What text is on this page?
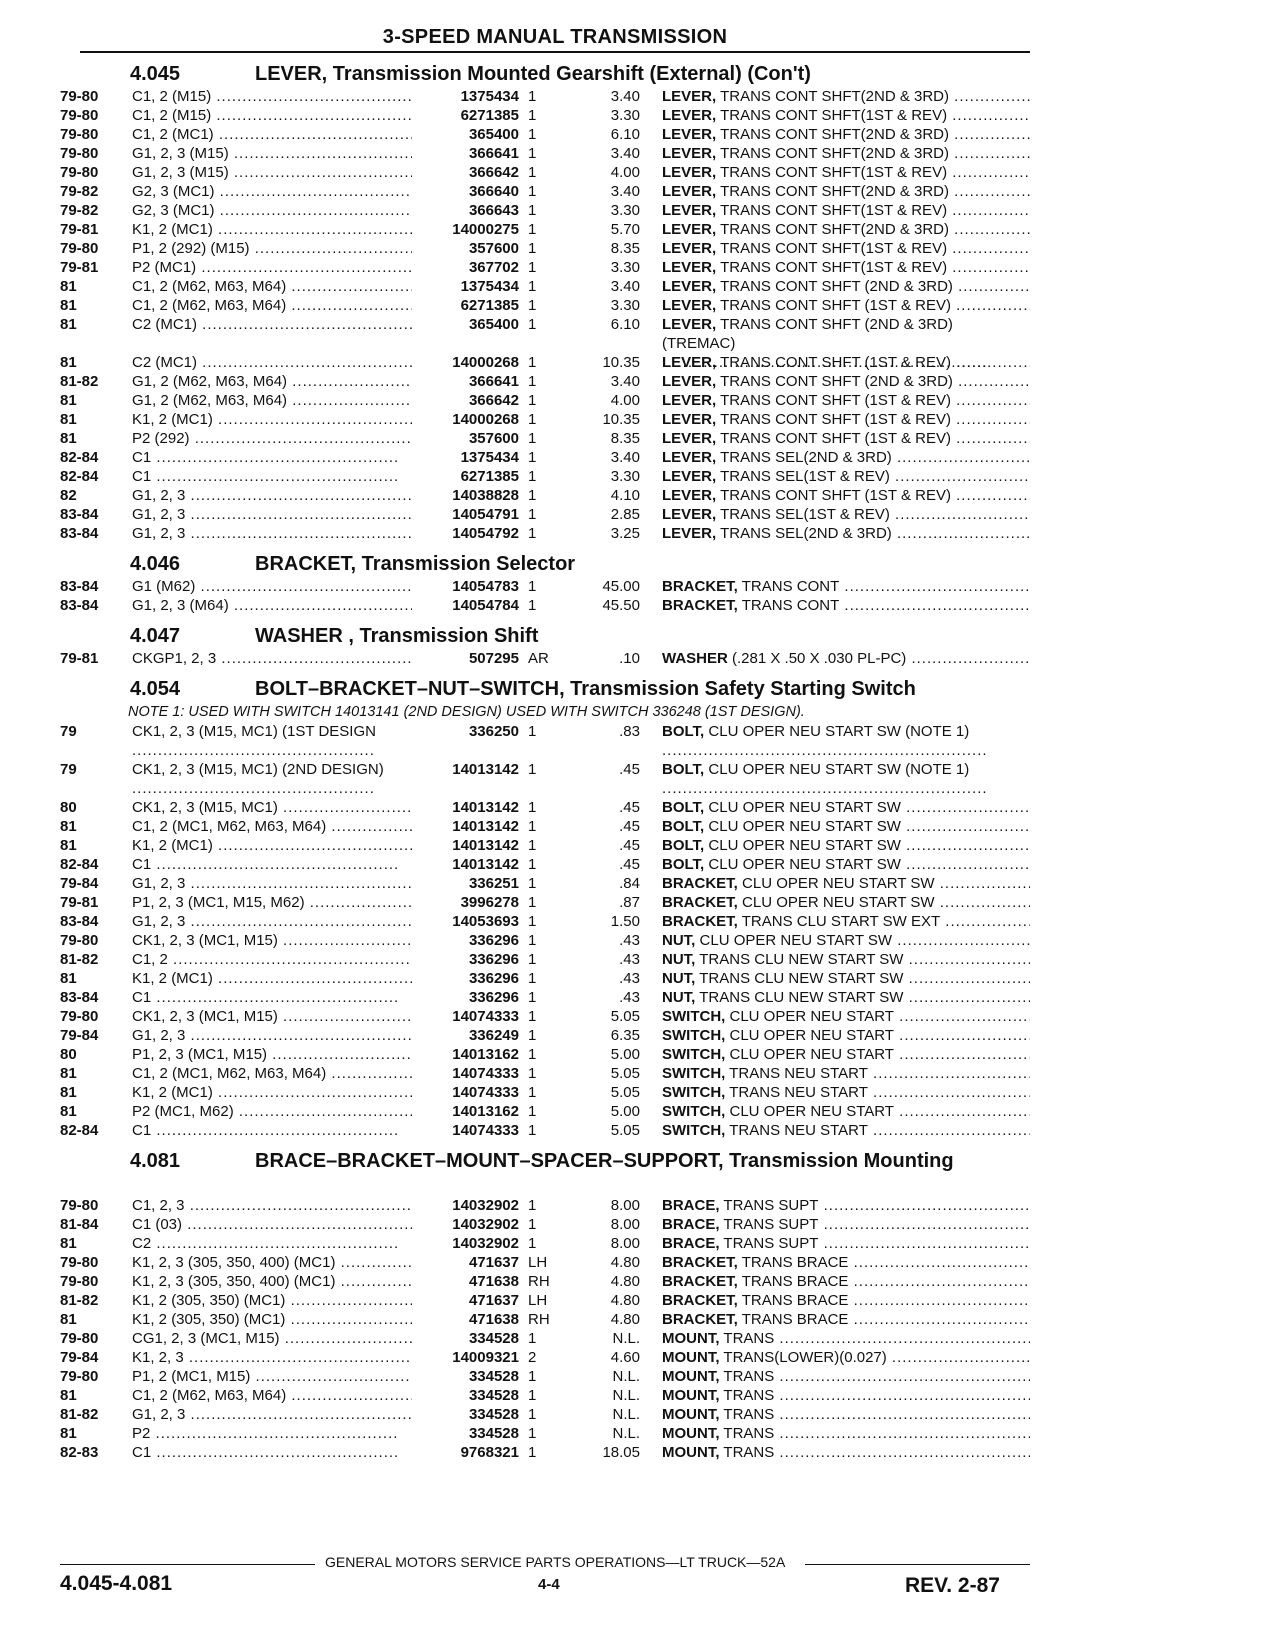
3-SPEED MANUAL TRANSMISSION
4.045	LEVER, Transmission Mounted Gearshift (External) (Con't)
79-80	C1, 2 (M15) .....	1375434 1	3.40 LEVER, TRANS CONT SHFT(2ND & 3RD) .....
79-80	C1, 2 (M15) .....	6271385 1	3.30 LEVER, TRANS CONT SHFT(1ST & REV) .....
79-80	C1, 2 (MC1) .....	365400 1	6.10 LEVER, TRANS CONT SHFT(2ND & 3RD) .....
79-80	G1, 2, 3 (M15) .....	366641 1	3.40 LEVER, TRANS CONT SHFT(2ND & 3RD) .....
79-80	G1, 2, 3 (M15) .....	366642 1	4.00 LEVER, TRANS CONT SHFT(1ST & REV) .....
79-82	G2, 3 (MC1) .....	366640 1	3.40 LEVER, TRANS CONT SHFT(2ND & 3RD) .....
79-82	G2, 3 (MC1) .....	366643 1	3.30 LEVER, TRANS CONT SHFT(1ST & REV) .....
79-81	K1, 2 (MC1) .....	14000275 1	5.70 LEVER, TRANS CONT SHFT(2ND & 3RD) .....
79-80	P1, 2 (292) (M15) .....	357600 1	8.35 LEVER, TRANS CONT SHFT(1ST & REV) .....
79-81	P2 (MC1) .....	367702 1	3.30 LEVER, TRANS CONT SHFT(1ST & REV) .....
81	C1, 2 (M62, M63, M64) .....	1375434 1	3.40 LEVER, TRANS CONT SHFT (2ND & 3RD) .....
81	C1, 2 (M62, M63, M64) .....	6271385 1	3.30 LEVER, TRANS CONT SHFT (1ST & REV) .....
81	C2 (MC1) .....	365400 1	6.10 LEVER, TRANS CONT SHFT (2ND & 3RD) (TREMAC) .....
81	C2 (MC1) .....	14000268 1	10.35 LEVER, TRANS CONT SHFT (1ST & REV) .....
81-82	G1, 2 (M62, M63, M64) .....	366641 1	3.40 LEVER, TRANS CONT SHFT (2ND & 3RD) .....
81	G1, 2 (M62, M63, M64) .....	366642 1	4.00 LEVER, TRANS CONT SHFT (1ST & REV) .....
81	K1, 2 (MC1) .....	14000268 1	10.35 LEVER, TRANS CONT SHFT (1ST & REV) .....
81	P2 (292) .....	357600 1	8.35 LEVER, TRANS CONT SHFT (1ST & REV) .....
82-84	C1 .....	1375434 1	3.40 LEVER, TRANS SEL(2ND & 3RD) .....
82-84	C1 .....	6271385 1	3.30 LEVER, TRANS SEL(1ST & REV) .....
82	G1, 2, 3 .....	14038828 1	4.10 LEVER, TRANS CONT SHFT (1ST & REV) .....
83-84	G1, 2, 3 .....	14054791 1	2.85 LEVER, TRANS SEL(1ST & REV) .....
83-84	G1, 2, 3 .....	14054792 1	3.25 LEVER, TRANS SEL(2ND & 3RD) .....
4.046	BRACKET, Transmission Selector
83-84	G1 (M62) .....	14054783 1	45.00 BRACKET, TRANS CONT .....
83-84	G1, 2, 3 (M64) .....	14054784 1	45.50 BRACKET, TRANS CONT .....
4.047	WASHER , Transmission Shift
79-81	CKGP1, 2, 3 .....	507295 AR	.10 WASHER (.281 X .50 X .030 PL-PC) .....
4.054	BOLT–BRACKET–NUT–SWITCH, Transmission Safety Starting Switch
NOTE 1: USED WITH SWITCH 14013141 (2ND DESIGN) USED WITH SWITCH 336248 (1ST DESIGN).
79	CK1, 2, 3 (M15, MC1) (1ST DESIGN .....	336250 1	.83 BOLT, CLU OPER NEU START SW (NOTE 1) .....
79	CK1, 2, 3 (M15, MC1) (2ND DESIGN) .....	14013142 1	.45 BOLT, CLU OPER NEU START SW (NOTE 1) .....
80	CK1, 2, 3 (M15, MC1) .....	14013142 1	.45 BOLT, CLU OPER NEU START SW .....
81	C1, 2 (MC1, M62, M63, M64) .....	14013142 1	.45 BOLT, CLU OPER NEU START SW .....
81	K1, 2 (MC1) .....	14013142 1	.45 BOLT, CLU OPER NEU START SW .....
82-84	C1 .....	14013142 1	.45 BOLT, CLU OPER NEU START SW .....
79-84	G1, 2, 3 .....	336251 1	.84 BRACKET, CLU OPER NEU START SW .....
79-81	P1, 2, 3 (MC1, M15, M62) .....	3996278 1	.87 BRACKET, CLU OPER NEU START SW .....
83-84	G1, 2, 3 .....	14053693 1	1.50 BRACKET, TRANS CLU START SW EXT .....
79-80	CK1, 2, 3 (MC1, M15) .....	336296 1	.43 NUT, CLU OPER NEU START SW .....
81-82	C1, 2 .....	336296 1	.43 NUT, TRANS CLU NEW START SW .....
81	K1, 2 (MC1) .....	336296 1	.43 NUT, TRANS CLU NEW START SW .....
83-84	C1 .....	336296 1	.43 NUT, TRANS CLU NEW START SW .....
79-80	CK1, 2, 3 (MC1, M15) .....	14074333 1	5.05 SWITCH, CLU OPER NEU START .....
79-84	G1, 2, 3 .....	336249 1	6.35 SWITCH, CLU OPER NEU START .....
80	P1, 2, 3 (MC1, M15) .....	14013162 1	5.00 SWITCH, CLU OPER NEU START .....
81	C1, 2 (MC1, M62, M63, M64) .....	14074333 1	5.05 SWITCH, TRANS NEU START .....
81	K1, 2 (MC1) .....	14074333 1	5.05 SWITCH, TRANS NEU START .....
81	P2 (MC1, M62) .....	14013162 1	5.00 SWITCH, CLU OPER NEU START .....
82-84	C1 .....	14074333 1	5.05 SWITCH, TRANS NEU START .....
4.081	BRACE–BRACKET–MOUNT–SPACER–SUPPORT, Transmission Mounting
79-80	C1, 2, 3 .....	14032902 1	8.00 BRACE, TRANS SUPT .....
81-84	C1 (03) .....	14032902 1	8.00 BRACE, TRANS SUPT .....
81	C2 .....	14032902 1	8.00 BRACE, TRANS SUPT .....
79-80	K1, 2, 3 (305, 350, 400) (MC1) .....	471637 LH	4.80 BRACKET, TRANS BRACE .....
79-80	K1, 2, 3 (305, 350, 400) (MC1) .....	471638 RH	4.80 BRACKET, TRANS BRACE .....
81-82	K1, 2 (305, 350) (MC1) .....	471637 LH	4.80 BRACKET, TRANS BRACE .....
81	K1, 2 (305, 350) (MC1) .....	471638 RH	4.80 BRACKET, TRANS BRACE .....
79-80	CG1, 2, 3 (MC1, M15) .....	334528 1	N.L. MOUNT, TRANS .....
79-84	K1, 2, 3 .....	14009321 2	4.60 MOUNT, TRANS(LOWER)(0.027) .....
79-80	P1, 2 (MC1, M15) .....	334528 1	N.L. MOUNT, TRANS .....
81	C1, 2 (M62, M63, M64) .....	334528 1	N.L. MOUNT, TRANS .....
81-82	G1, 2, 3 .....	334528 1	N.L. MOUNT, TRANS .....
81	P2 .....	334528 1	N.L. MOUNT, TRANS .....
82-83	C1 .....	9768321 1	18.05 MOUNT, TRANS .....
GENERAL MOTORS SERVICE PARTS OPERATIONS—LT TRUCK—52A
4.045-4.081	4-4	REV. 2-87
